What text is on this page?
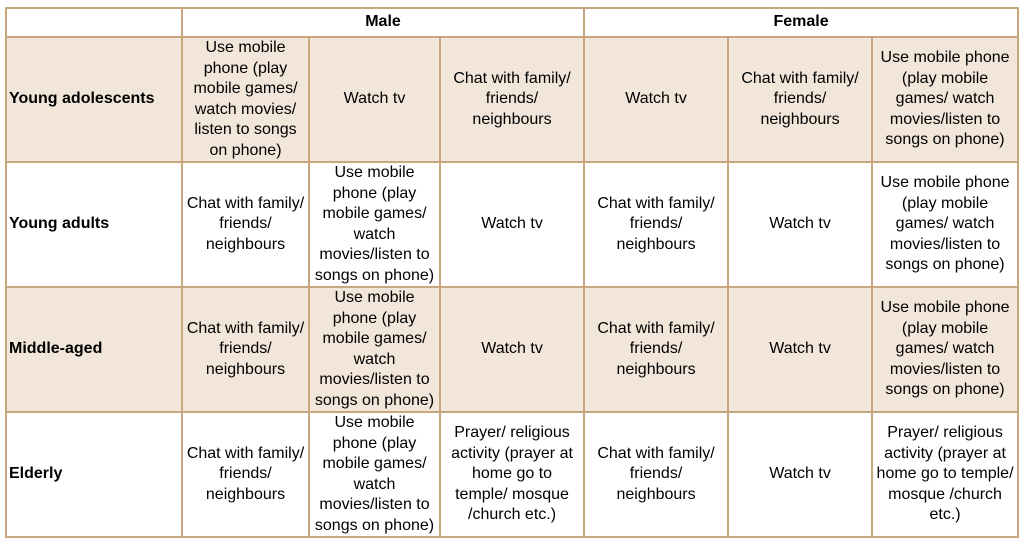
	Male			Female		
Young adolescents	Use mobile phone (play mobile games/ watch movies/ listen to songs on phone)	Watch tv	Chat with family/ friends/ neighbours	Watch tv	Chat with family/ friends/ neighbours	Use mobile phone (play mobile games/ watch movies/listen to songs on phone)
Young adults	Chat with family/ friends/ neighbours	Use mobile phone (play mobile games/ watch movies/listen to songs on phone)	Watch tv	Chat with family/ friends/ neighbours	Watch tv	Use mobile phone (play mobile games/ watch movies/listen to songs on phone)
Middle-aged	Chat with family/ friends/ neighbours	Use mobile phone (play mobile games/ watch movies/listen to songs on phone)	Watch tv	Chat with family/ friends/ neighbours	Watch tv	Use mobile phone (play mobile games/ watch movies/listen to songs on phone)
Elderly	Chat with family/ friends/ neighbours	Use mobile phone (play mobile games/ watch movies/listen to songs on phone)	Prayer/ religious activity (prayer at home go to temple/ mosque /church etc.)	Chat with family/ friends/ neighbours	Watch tv	Prayer/ religious activity (prayer at home go to temple/ mosque /church etc.)
